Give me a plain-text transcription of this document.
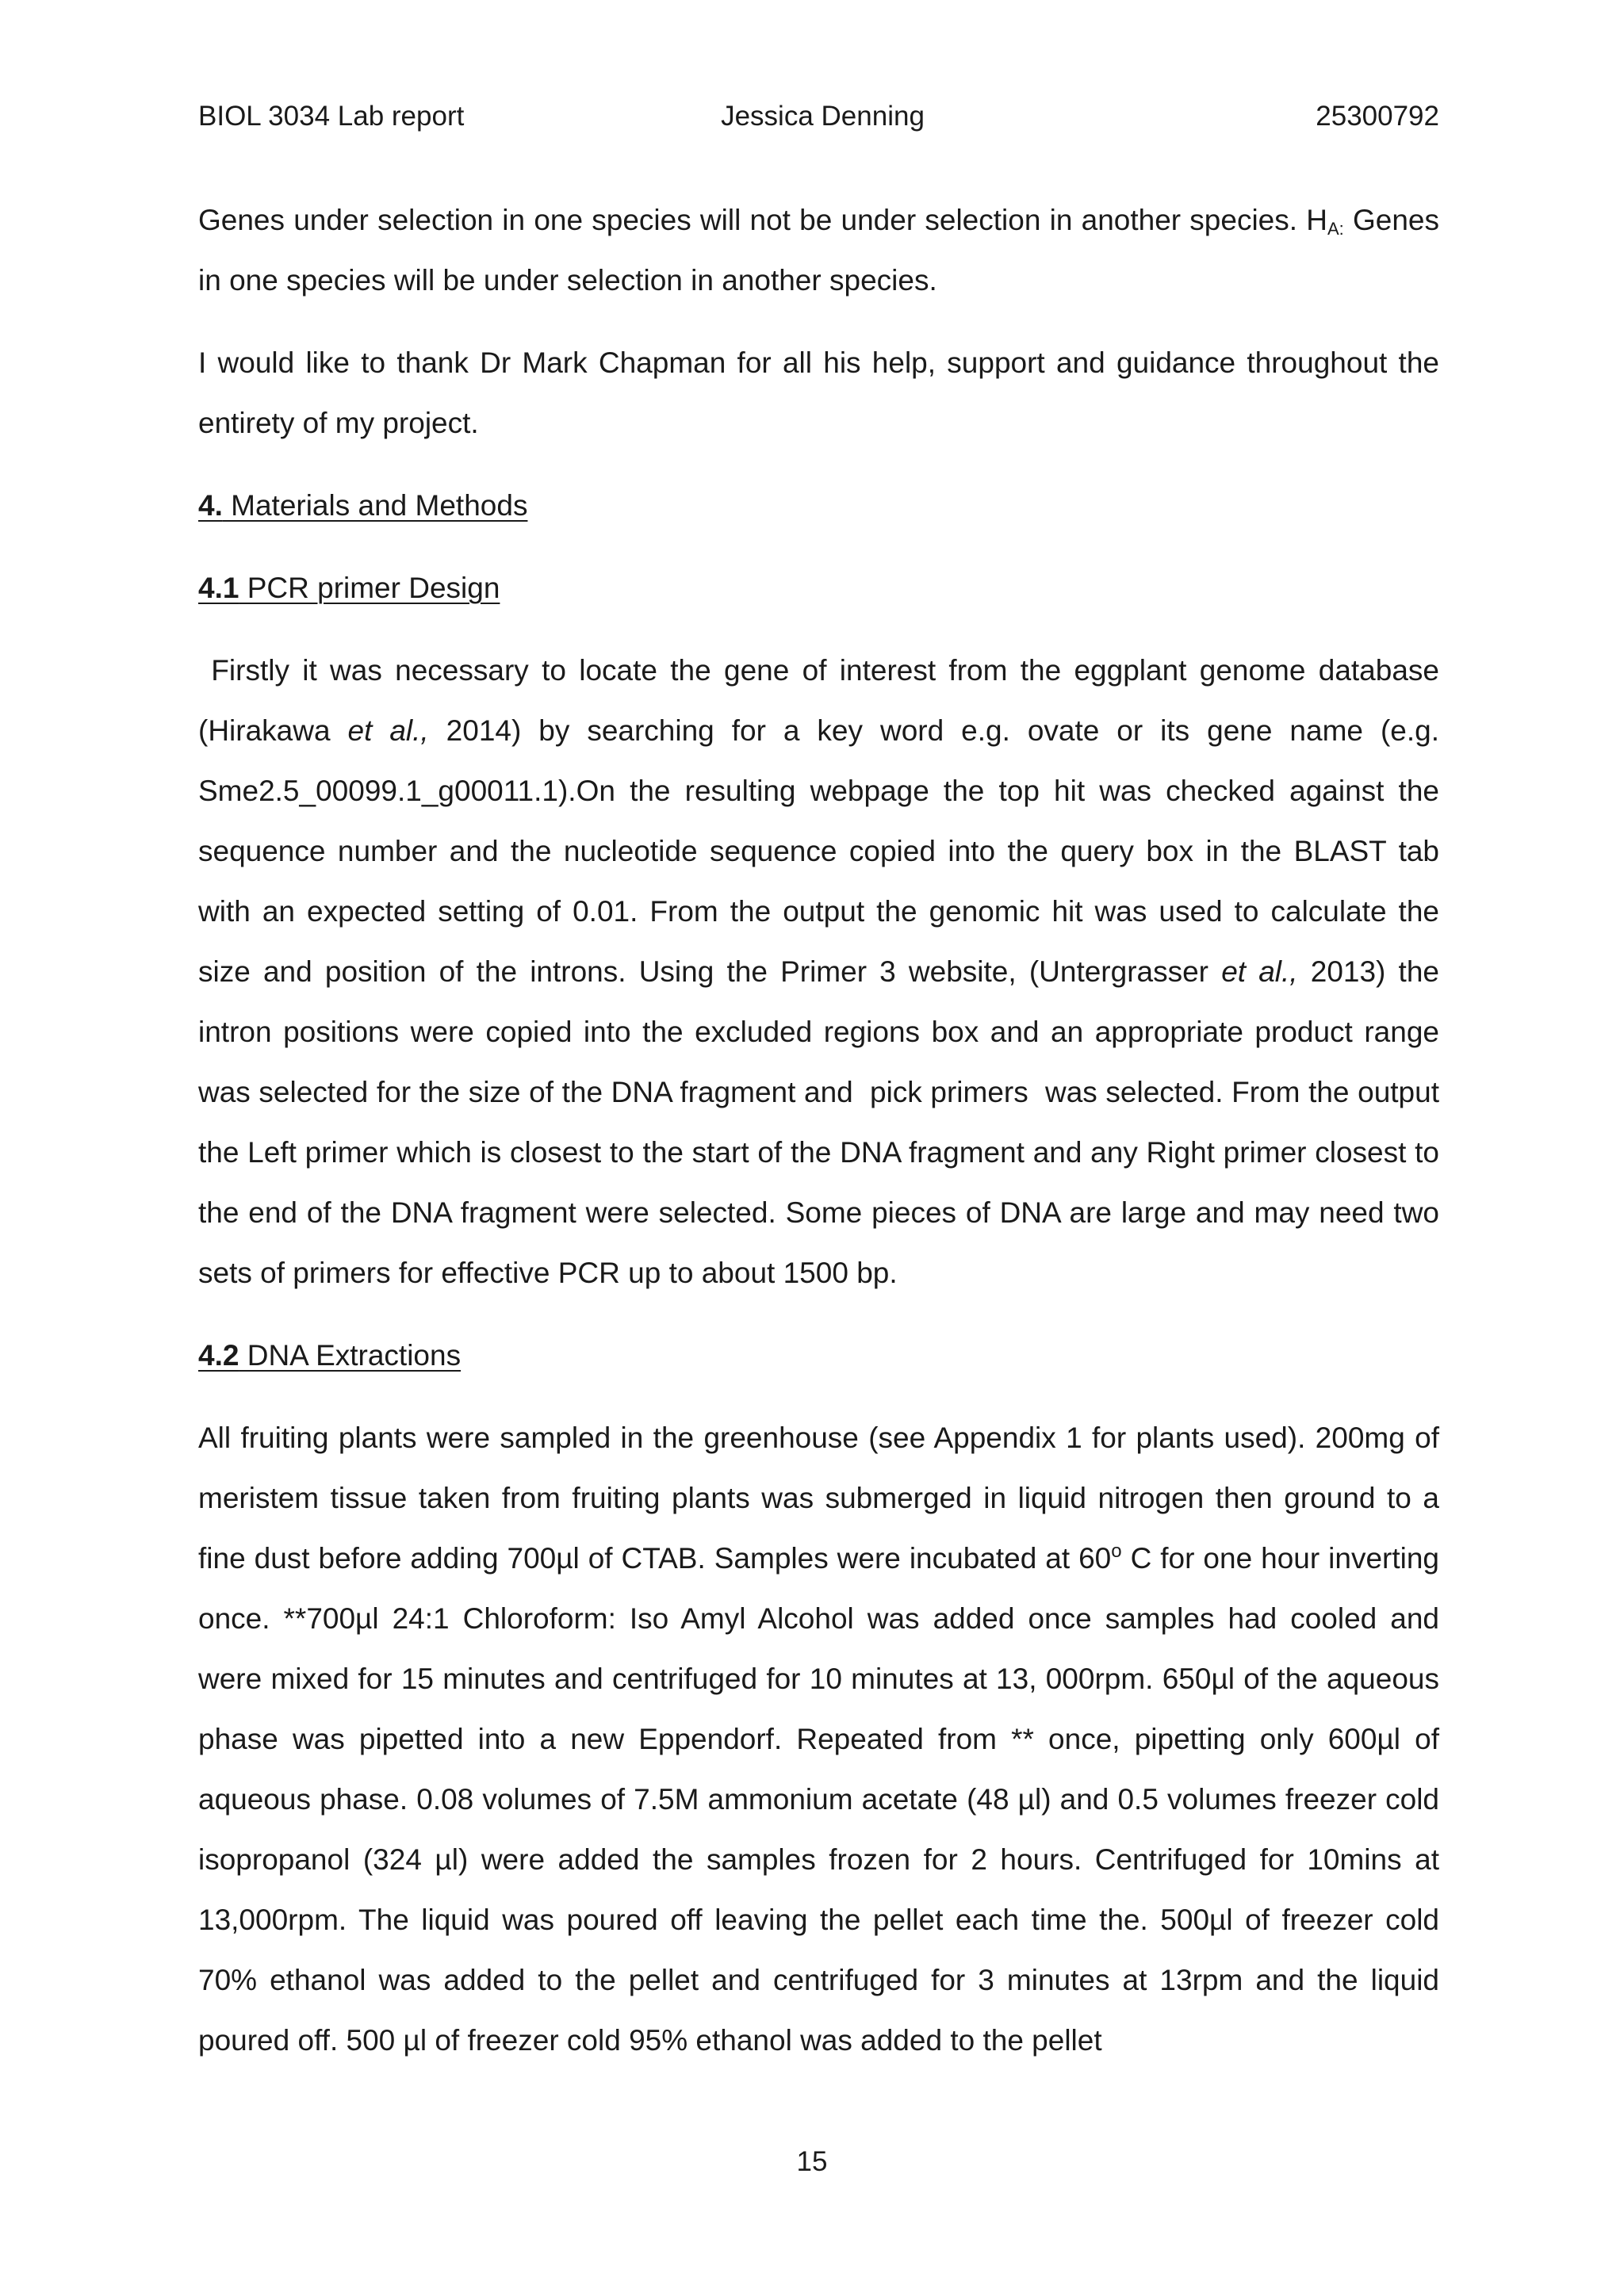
BIOL 3034 Lab report	Jessica Denning	25300792

Genes under selection in one species will not be under selection in another species. $H_{A:}$ Genes in one species will be under selection in another species.

I would like to thank Dr Mark Chapman for all his help, support and guidance throughout the entirety of my project.

4. Materials and Methods

4.1 PCR primer Design

Firstly it was necessary to locate the gene of interest from the eggplant genome database (Hirakawa et al., 2014) by searching for a key word e.g. ovate or its gene name (e.g. Sme2.5_00099.1_g00011.1).On the resulting webpage the top hit was checked against the sequence number and the nucleotide sequence copied into the query box in the BLAST tab with an expected setting of 0.01. From the output the genomic hit was used to calculate the size and position of the introns. Using the Primer 3 website, (Untergrasser et al., 2013) the intron positions were copied into the excluded regions box and an appropriate product range was selected for the size of the DNA fragment and  pick primers  was selected. From the output the Left primer which is closest to the start of the DNA fragment and any Right primer closest to the end of the DNA fragment were selected. Some pieces of DNA are large and may need two sets of primers for effective PCR up to about 1500 bp.

4.2 DNA Extractions

All fruiting plants were sampled in the greenhouse (see Appendix 1 for plants used). 200mg of meristem tissue taken from fruiting plants was submerged in liquid nitrogen then ground to a fine dust before adding 700µl of CTAB. Samples were incubated at 60$^o$ C for one hour inverting once. **700µl 24:1 Chloroform: Iso Amyl Alcohol was added once samples had cooled and were mixed for 15 minutes and centrifuged for 10 minutes at 13, 000rpm. 650µl of the aqueous phase was pipetted into a new Eppendorf. Repeated from ** once, pipetting only 600µl of aqueous phase. 0.08 volumes of 7.5M ammonium acetate (48 µl) and 0.5 volumes freezer cold isopropanol (324 µl) were added the samples frozen for 2 hours. Centrifuged for 10mins at 13,000rpm. The liquid was poured off leaving the pellet each time the. 500µl of freezer cold 70% ethanol was added to the pellet and centrifuged for 3 minutes at 13rpm and the liquid poured off. 500 µl of freezer cold 95% ethanol was added to the pellet

15
